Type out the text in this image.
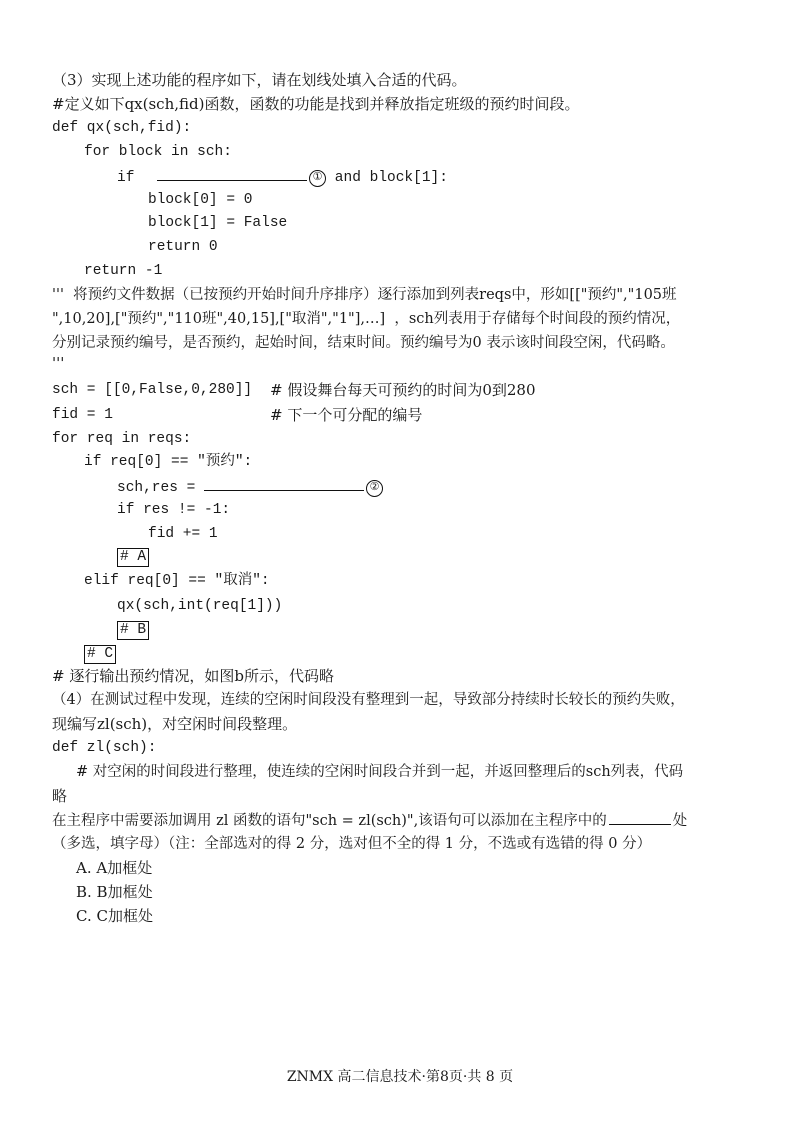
（3）实现上述功能的程序如下，请在划线处填入合适的代码。
#定义如下qx(sch,fid)函数，函数的功能是找到并释放指定班级的预约时间段。
def qx(sch,fid):
for block in sch:
if	① and block[1]:
block[0] = 0
block[1] = False
return 0
return -1
'''  将预约文件数据（已按预约开始时间升序排序）逐行添加到列表reqs中，形如[["预约","105班
",10,20],["预约","110班",40,15],["取消","1"],…]  ，sch列表用于存储每个时间段的预约情况，
分别记录预约编号，是否预约，起始时间，结束时间。预约编号为0 表示该时间段空闲，代码略。
'''
sch = [[0,False,0,280]] # 假设舞台每天可预约的时间为0到280
fid = 1	# 下一个可分配的编号
for req in reqs:
if req[0] == "预约":
sch,res =	②
if res != -1:
fid += 1
# A
elif req[0] == "取消":
qx(sch,int(req[1]))
# B
# C
# 逐行输出预约情况，如图b所示，代码略
（4）在测试过程中发现，连续的空闲时间段没有整理到一起，导致部分持续时长较长的预约失败，
现编写zl(sch)，对空闲时间段整理。
def zl(sch):
# 对空闲的时间段进行整理，使连续的空闲时间段合并到一起，并返回整理后的sch列表，代码
略
在主程序中需要添加调用 zl 函数的语句"sch = zl(sch)",该语句可以添加在主程序中的	处
（多选，填字母）（注：全部选对的得 2 分，选对但不全的得 1 分，不选或有选错的得 0 分）
A. A加框处
B. B加框处
C. C加框处
ZNMX 高二信息技术·第8页·共 8 页
